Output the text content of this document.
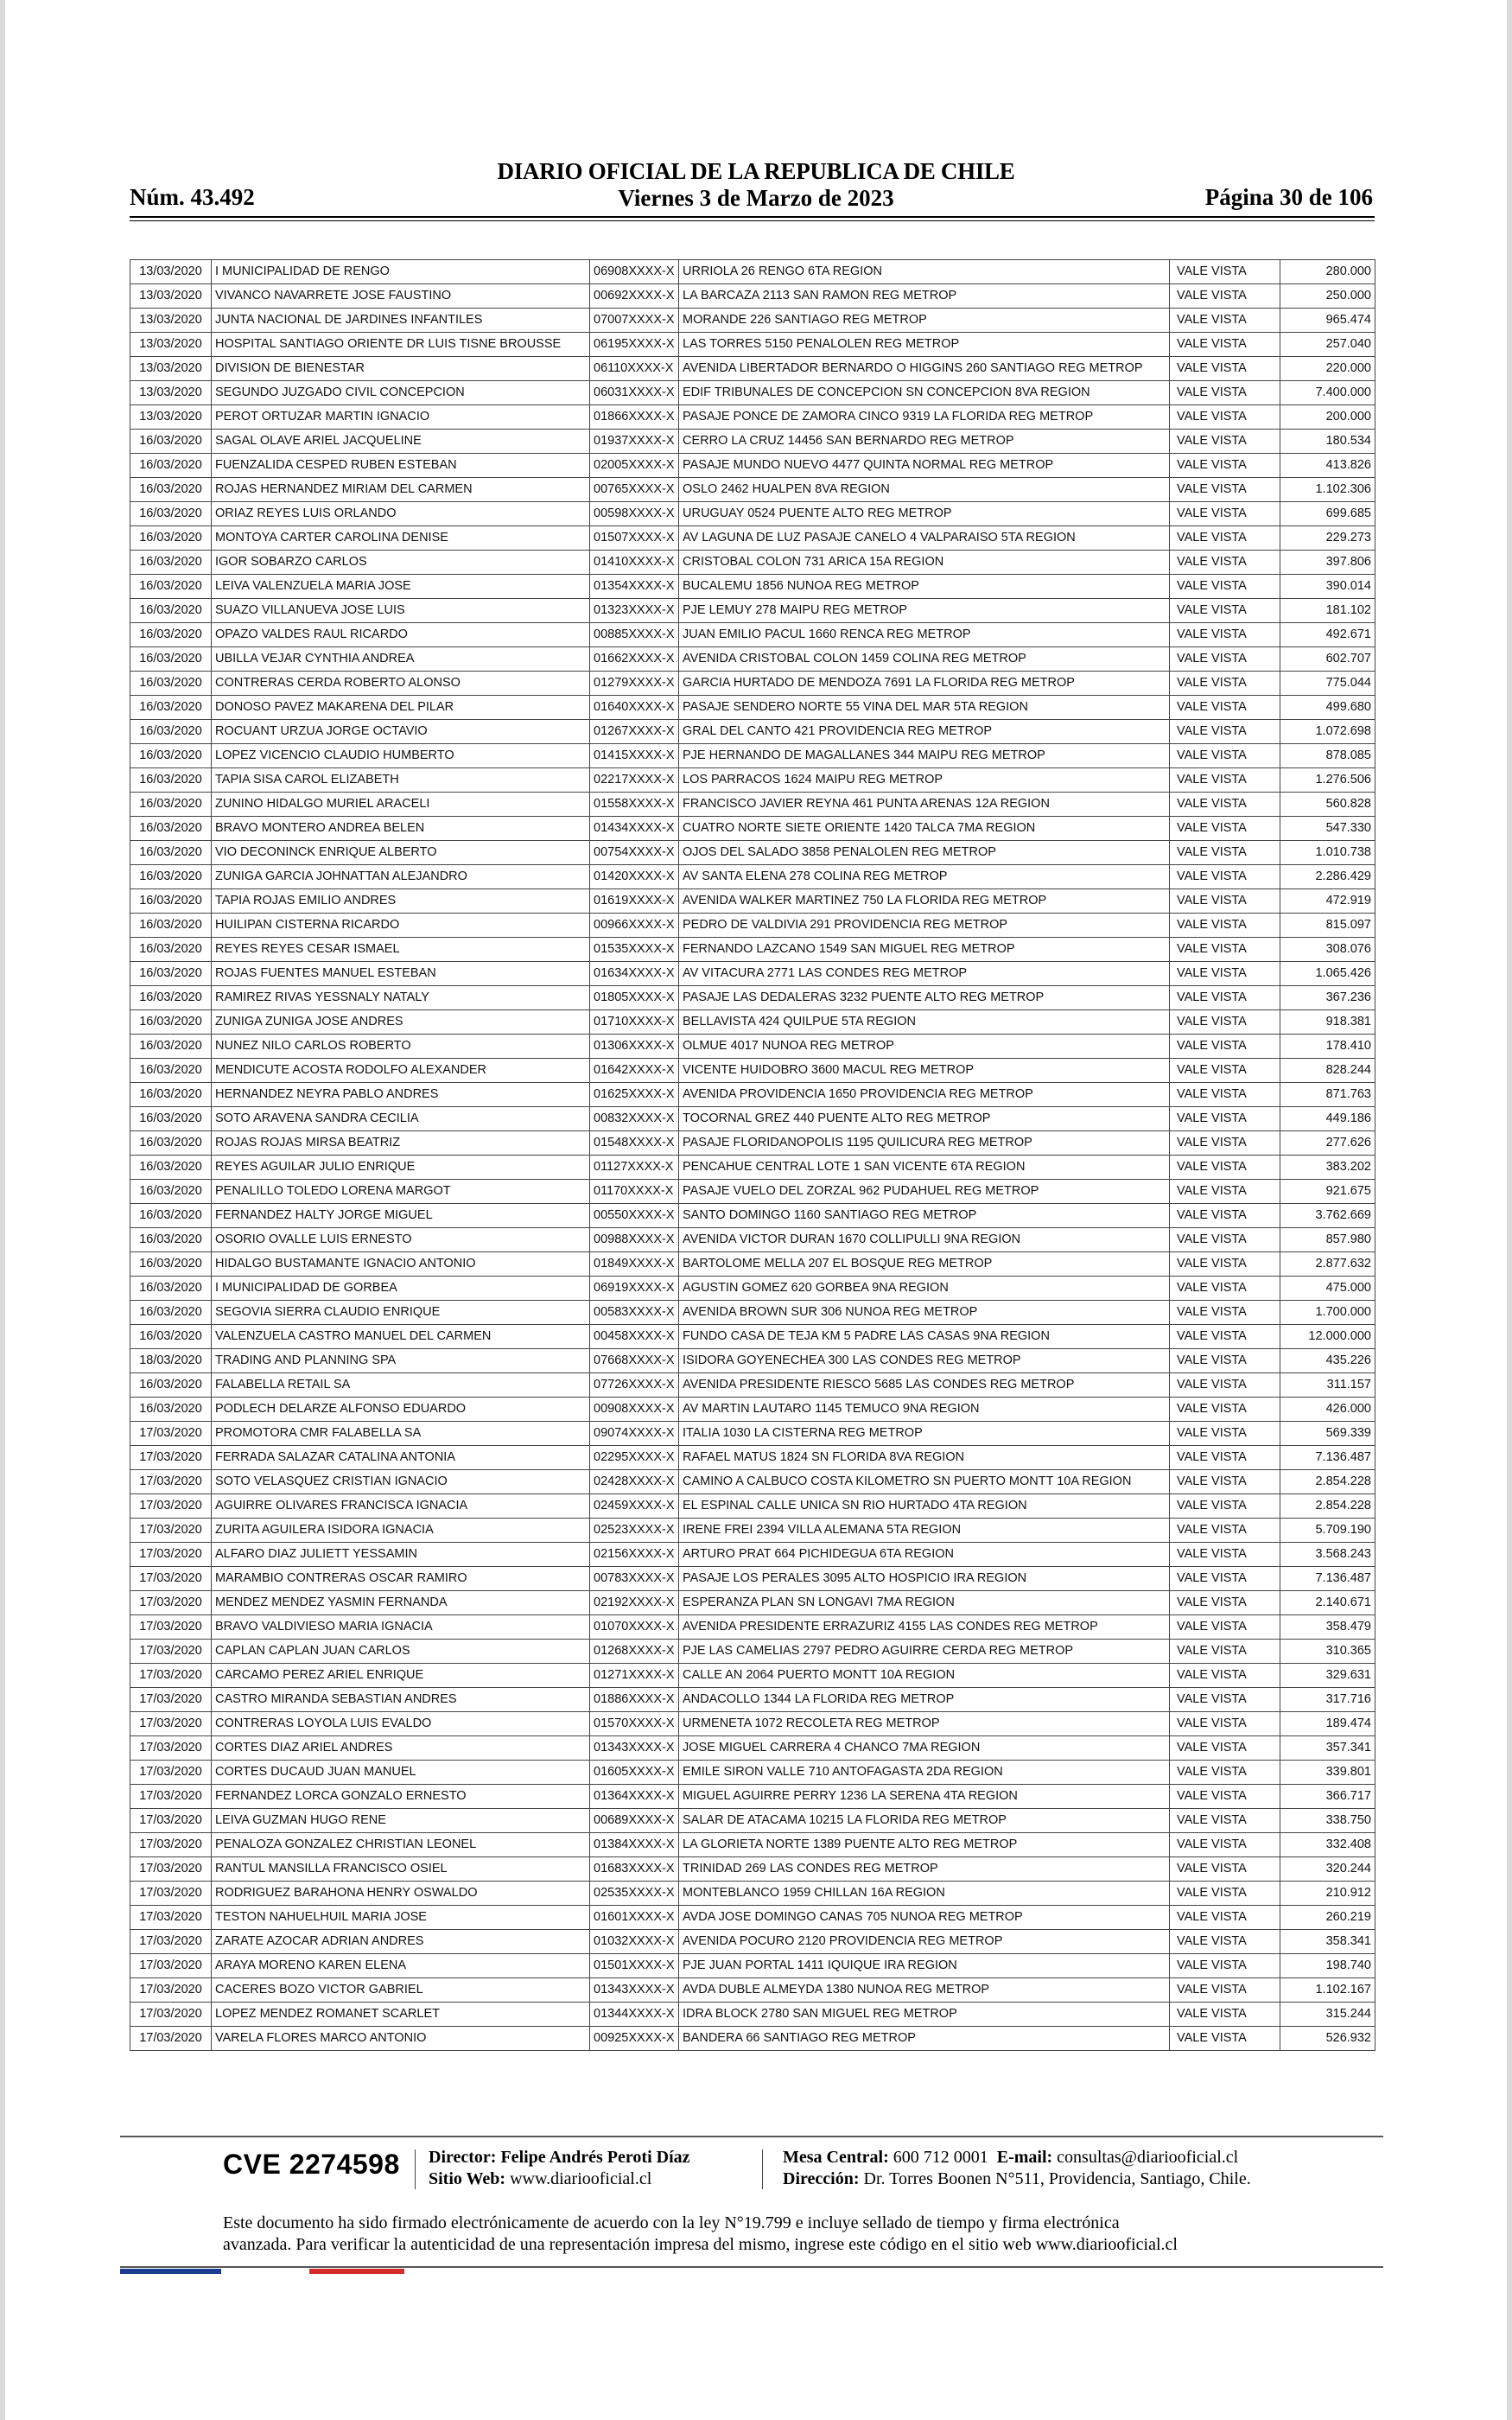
DIARIO OFICIAL DE LA REPUBLICA DE CHILE
Núm. 43.492	Viernes 3 de Marzo de 2023	Página 30 de 106
13/03/2020	I MUNICIPALIDAD DE RENGO	06908XXXX-X	URRIOLA 26 RENGO 6TA REGION	VALE VISTA	280.000
13/03/2020	VIVANCO NAVARRETE JOSE FAUSTINO	00692XXXX-X	LA BARCAZA 2113 SAN RAMON REG METROP	VALE VISTA	250.000
13/03/2020	JUNTA NACIONAL DE JARDINES INFANTILES	07007XXXX-X	MORANDE 226 SANTIAGO REG METROP	VALE VISTA	965.474
13/03/2020	HOSPITAL SANTIAGO ORIENTE DR LUIS TISNE BROUSSE	06195XXXX-X	LAS TORRES 5150 PENALOLEN REG METROP	VALE VISTA	257.040
13/03/2020	DIVISION DE BIENESTAR	06110XXXX-X	AVENIDA LIBERTADOR BERNARDO O HIGGINS 260 SANTIAGO REG METROP	VALE VISTA	220.000
13/03/2020	SEGUNDO JUZGADO CIVIL CONCEPCION	06031XXXX-X	EDIF TRIBUNALES DE CONCEPCION SN CONCEPCION 8VA REGION	VALE VISTA	7.400.000
13/03/2020	PEROT ORTUZAR MARTIN IGNACIO	01866XXXX-X	PASAJE PONCE DE ZAMORA CINCO 9319 LA FLORIDA REG METROP	VALE VISTA	200.000
16/03/2020	SAGAL OLAVE ARIEL JACQUELINE	01937XXXX-X	CERRO LA CRUZ 14456 SAN BERNARDO REG METROP	VALE VISTA	180.534
16/03/2020	FUENZALIDA CESPED RUBEN ESTEBAN	02005XXXX-X	PASAJE MUNDO NUEVO 4477 QUINTA NORMAL REG METROP	VALE VISTA	413.826
16/03/2020	ROJAS HERNANDEZ MIRIAM DEL CARMEN	00765XXXX-X	OSLO 2462 HUALPEN 8VA REGION	VALE VISTA	1.102.306
16/03/2020	ORIAZ REYES LUIS ORLANDO	00598XXXX-X	URUGUAY 0524 PUENTE ALTO REG METROP	VALE VISTA	699.685
16/03/2020	MONTOYA CARTER CAROLINA DENISE	01507XXXX-X	AV LAGUNA DE LUZ PASAJE CANELO 4 VALPARAISO 5TA REGION	VALE VISTA	229.273
16/03/2020	IGOR SOBARZO CARLOS	01410XXXX-X	CRISTOBAL COLON 731 ARICA 15A REGION	VALE VISTA	397.806
16/03/2020	LEIVA VALENZUELA MARIA JOSE	01354XXXX-X	BUCALEMU 1856 NUNOA REG METROP	VALE VISTA	390.014
16/03/2020	SUAZO VILLANUEVA JOSE LUIS	01323XXXX-X	PJE LEMUY 278 MAIPU REG METROP	VALE VISTA	181.102
16/03/2020	OPAZO VALDES RAUL RICARDO	00885XXXX-X	JUAN EMILIO PACUL 1660 RENCA REG METROP	VALE VISTA	492.671
16/03/2020	UBILLA VEJAR CYNTHIA ANDREA	01662XXXX-X	AVENIDA CRISTOBAL COLON 1459 COLINA REG METROP	VALE VISTA	602.707
16/03/2020	CONTRERAS CERDA ROBERTO ALONSO	01279XXXX-X	GARCIA HURTADO DE MENDOZA 7691 LA FLORIDA REG METROP	VALE VISTA	775.044
16/03/2020	DONOSO PAVEZ MAKARENA DEL PILAR	01640XXXX-X	PASAJE SENDERO NORTE 55 VINA DEL MAR 5TA REGION	VALE VISTA	499.680
16/03/2020	ROCUANT URZUA JORGE OCTAVIO	01267XXXX-X	GRAL DEL CANTO 421 PROVIDENCIA REG METROP	VALE VISTA	1.072.698
16/03/2020	LOPEZ VICENCIO CLAUDIO HUMBERTO	01415XXXX-X	PJE HERNANDO DE MAGALLANES 344 MAIPU REG METROP	VALE VISTA	878.085
16/03/2020	TAPIA SISA CAROL ELIZABETH	02217XXXX-X	LOS PARRACOS 1624 MAIPU REG METROP	VALE VISTA	1.276.506
16/03/2020	ZUNINO HIDALGO MURIEL ARACELI	01558XXXX-X	FRANCISCO JAVIER REYNA 461 PUNTA ARENAS 12A REGION	VALE VISTA	560.828
16/03/2020	BRAVO MONTERO ANDREA BELEN	01434XXXX-X	CUATRO NORTE SIETE ORIENTE 1420 TALCA 7MA REGION	VALE VISTA	547.330
16/03/2020	VIO DECONINCK ENRIQUE ALBERTO	00754XXXX-X	OJOS DEL SALADO 3858 PENALOLEN REG METROP	VALE VISTA	1.010.738
16/03/2020	ZUNIGA GARCIA JOHNATTAN ALEJANDRO	01420XXXX-X	AV SANTA ELENA 278 COLINA REG METROP	VALE VISTA	2.286.429
16/03/2020	TAPIA ROJAS EMILIO ANDRES	01619XXXX-X	AVENIDA WALKER MARTINEZ 750 LA FLORIDA REG METROP	VALE VISTA	472.919
16/03/2020	HUILIPAN CISTERNA RICARDO	00966XXXX-X	PEDRO DE VALDIVIA 291 PROVIDENCIA REG METROP	VALE VISTA	815.097
16/03/2020	REYES REYES CESAR ISMAEL	01535XXXX-X	FERNANDO LAZCANO 1549 SAN MIGUEL REG METROP	VALE VISTA	308.076
16/03/2020	ROJAS FUENTES MANUEL ESTEBAN	01634XXXX-X	AV VITACURA 2771 LAS CONDES REG METROP	VALE VISTA	1.065.426
16/03/2020	RAMIREZ RIVAS YESSNALY NATALY	01805XXXX-X	PASAJE LAS DEDALERAS 3232 PUENTE ALTO REG METROP	VALE VISTA	367.236
16/03/2020	ZUNIGA ZUNIGA JOSE ANDRES	01710XXXX-X	BELLAVISTA 424 QUILPUE 5TA REGION	VALE VISTA	918.381
16/03/2020	NUNEZ NILO CARLOS ROBERTO	01306XXXX-X	OLMUE 4017 NUNOA REG METROP	VALE VISTA	178.410
16/03/2020	MENDICUTE ACOSTA RODOLFO ALEXANDER	01642XXXX-X	VICENTE HUIDOBRO 3600 MACUL REG METROP	VALE VISTA	828.244
16/03/2020	HERNANDEZ NEYRA PABLO ANDRES	01625XXXX-X	AVENIDA PROVIDENCIA 1650 PROVIDENCIA REG METROP	VALE VISTA	871.763
16/03/2020	SOTO ARAVENA SANDRA CECILIA	00832XXXX-X	TOCORNAL GREZ 440 PUENTE ALTO REG METROP	VALE VISTA	449.186
16/03/2020	ROJAS ROJAS MIRSA BEATRIZ	01548XXXX-X	PASAJE FLORIDANOPOLIS 1195 QUILICURA REG METROP	VALE VISTA	277.626
16/03/2020	REYES AGUILAR JULIO ENRIQUE	01127XXXX-X	PENCAHUE CENTRAL LOTE 1 SAN VICENTE 6TA REGION	VALE VISTA	383.202
16/03/2020	PENALILLO TOLEDO LORENA MARGOT	01170XXXX-X	PASAJE VUELO DEL ZORZAL 962 PUDAHUEL REG METROP	VALE VISTA	921.675
16/03/2020	FERNANDEZ HALTY JORGE MIGUEL	00550XXXX-X	SANTO DOMINGO 1160 SANTIAGO REG METROP	VALE VISTA	3.762.669
16/03/2020	OSORIO OVALLE LUIS ERNESTO	00988XXXX-X	AVENIDA VICTOR DURAN 1670 COLLIPULLI 9NA REGION	VALE VISTA	857.980
16/03/2020	HIDALGO BUSTAMANTE IGNACIO ANTONIO	01849XXXX-X	BARTOLOME MELLA 207 EL BOSQUE REG METROP	VALE VISTA	2.877.632
16/03/2020	I MUNICIPALIDAD DE GORBEA	06919XXXX-X	AGUSTIN GOMEZ 620 GORBEA 9NA REGION	VALE VISTA	475.000
16/03/2020	SEGOVIA SIERRA CLAUDIO ENRIQUE	00583XXXX-X	AVENIDA BROWN SUR 306 NUNOA REG METROP	VALE VISTA	1.700.000
16/03/2020	VALENZUELA CASTRO MANUEL DEL CARMEN	00458XXXX-X	FUNDO CASA DE TEJA KM 5 PADRE LAS CASAS 9NA REGION	VALE VISTA	12.000.000
18/03/2020	TRADING AND PLANNING SPA	07668XXXX-X	ISIDORA GOYENECHEA 300 LAS CONDES REG METROP	VALE VISTA	435.226
16/03/2020	FALABELLA RETAIL SA	07726XXXX-X	AVENIDA PRESIDENTE RIESCO 5685 LAS CONDES REG METROP	VALE VISTA	311.157
16/03/2020	PODLECH DELARZE ALFONSO EDUARDO	00908XXXX-X	AV MARTIN LAUTARO 1145 TEMUCO 9NA REGION	VALE VISTA	426.000
17/03/2020	PROMOTORA CMR FALABELLA SA	09074XXXX-X	ITALIA 1030 LA CISTERNA REG METROP	VALE VISTA	569.339
17/03/2020	FERRADA SALAZAR CATALINA ANTONIA	02295XXXX-X	RAFAEL MATUS 1824 SN FLORIDA 8VA REGION	VALE VISTA	7.136.487
17/03/2020	SOTO VELASQUEZ CRISTIAN IGNACIO	02428XXXX-X	CAMINO A CALBUCO COSTA KILOMETRO SN PUERTO MONTT 10A REGION	VALE VISTA	2.854.228
17/03/2020	AGUIRRE OLIVARES FRANCISCA IGNACIA	02459XXXX-X	EL ESPINAL CALLE UNICA SN RIO HURTADO 4TA REGION	VALE VISTA	2.854.228
17/03/2020	ZURITA AGUILERA ISIDORA IGNACIA	02523XXXX-X	IRENE FREI 2394 VILLA ALEMANA 5TA REGION	VALE VISTA	5.709.190
17/03/2020	ALFARO DIAZ JULIETT YESSAMIN	02156XXXX-X	ARTURO PRAT 664 PICHIDEGUA 6TA REGION	VALE VISTA	3.568.243
17/03/2020	MARAMBIO CONTRERAS OSCAR RAMIRO	00783XXXX-X	PASAJE LOS PERALES 3095 ALTO HOSPICIO IRA REGION	VALE VISTA	7.136.487
17/03/2020	MENDEZ MENDEZ YASMIN FERNANDA	02192XXXX-X	ESPERANZA PLAN SN LONGAVI 7MA REGION	VALE VISTA	2.140.671
17/03/2020	BRAVO VALDIVIESO MARIA IGNACIA	01070XXXX-X	AVENIDA PRESIDENTE ERRAZURIZ 4155 LAS CONDES REG METROP	VALE VISTA	358.479
17/03/2020	CAPLAN CAPLAN JUAN CARLOS	01268XXXX-X	PJE LAS CAMELIAS 2797 PEDRO AGUIRRE CERDA REG METROP	VALE VISTA	310.365
17/03/2020	CARCAMO PEREZ ARIEL ENRIQUE	01271XXXX-X	CALLE AN 2064 PUERTO MONTT 10A REGION	VALE VISTA	329.631
17/03/2020	CASTRO MIRANDA SEBASTIAN ANDRES	01886XXXX-X	ANDACOLLO 1344 LA FLORIDA REG METROP	VALE VISTA	317.716
17/03/2020	CONTRERAS LOYOLA LUIS EVALDO	01570XXXX-X	URMENETA 1072 RECOLETA REG METROP	VALE VISTA	189.474
17/03/2020	CORTES DIAZ ARIEL ANDRES	01343XXXX-X	JOSE MIGUEL CARRERA 4 CHANCO 7MA REGION	VALE VISTA	357.341
17/03/2020	CORTES DUCAUD JUAN MANUEL	01605XXXX-X	EMILE SIRON VALLE 710 ANTOFAGASTA 2DA REGION	VALE VISTA	339.801
17/03/2020	FERNANDEZ LORCA GONZALO ERNESTO	01364XXXX-X	MIGUEL AGUIRRE PERRY 1236 LA SERENA 4TA REGION	VALE VISTA	366.717
17/03/2020	LEIVA GUZMAN HUGO RENE	00689XXXX-X	SALAR DE ATACAMA 10215 LA FLORIDA REG METROP	VALE VISTA	338.750
17/03/2020	PENALOZA GONZALEZ CHRISTIAN LEONEL	01384XXXX-X	LA GLORIETA NORTE 1389 PUENTE ALTO REG METROP	VALE VISTA	332.408
17/03/2020	RANTUL MANSILLA FRANCISCO OSIEL	01683XXXX-X	TRINIDAD 269 LAS CONDES REG METROP	VALE VISTA	320.244
17/03/2020	RODRIGUEZ BARAHONA HENRY OSWALDO	02535XXXX-X	MONTEBLANCO 1959 CHILLAN 16A REGION	VALE VISTA	210.912
17/03/2020	TESTON NAHUELHUIL MARIA JOSE	01601XXXX-X	AVDA JOSE DOMINGO CANAS 705 NUNOA REG METROP	VALE VISTA	260.219
17/03/2020	ZARATE AZOCAR ADRIAN ANDRES	01032XXXX-X	AVENIDA POCURO 2120 PROVIDENCIA REG METROP	VALE VISTA	358.341
17/03/2020	ARAYA MORENO KAREN ELENA	01501XXXX-X	PJE JUAN PORTAL 1411 IQUIQUE IRA REGION	VALE VISTA	198.740
17/03/2020	CACERES BOZO VICTOR GABRIEL	01343XXXX-X	AVDA DUBLE ALMEYDA 1380 NUNOA REG METROP	VALE VISTA	1.102.167
17/03/2020	LOPEZ MENDEZ ROMANET SCARLET	01344XXXX-X	IDRA BLOCK 2780 SAN MIGUEL REG METROP	VALE VISTA	315.244
17/03/2020	VARELA FLORES MARCO ANTONIO	00925XXXX-X	BANDERA 66 SANTIAGO REG METROP	VALE VISTA	526.932
CVE 2274598 Director: Felipe Andrés Peroti Díaz
Sitio Web: www.diariooficial.cl
Mesa Central: 600 712 0001 E-mail: consultas@diariooficial.cl
Dirección: Dr. Torres Boonen N°511, Providencia, Santiago, Chile.
Este documento ha sido firmado electrónicamente de acuerdo con la ley N°19.799 e incluye sellado de tiempo y firma electrónica
avanzada. Para verificar la autenticidad de una representación impresa del mismo, ingrese este código en el sitio web www.diariooficial.cl
